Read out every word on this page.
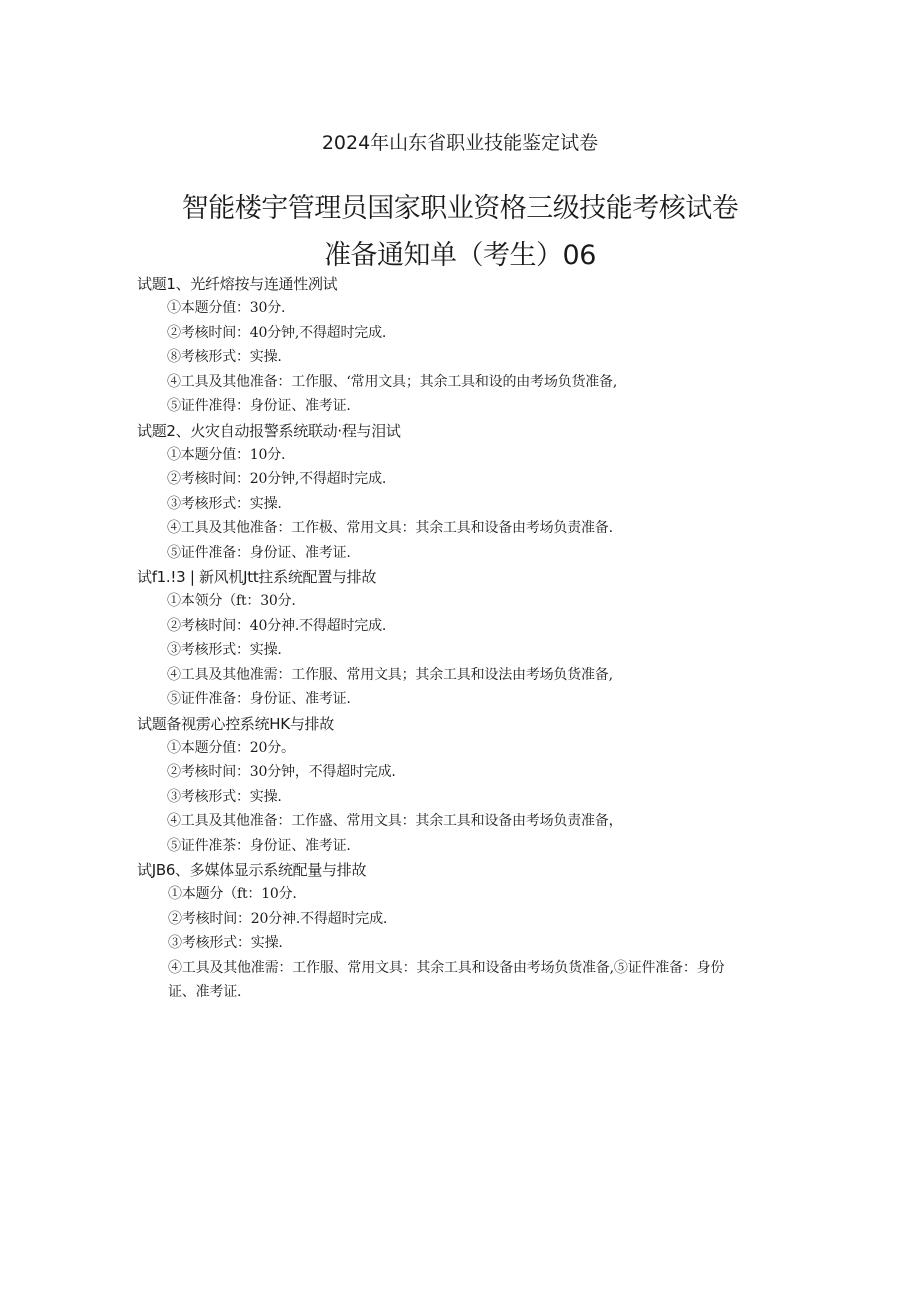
2024年山东省职业技能鉴定试卷
智能楼宇管理员国家职业资格三级技能考核试卷
准备通知单（考生）06
试题1、光纤熔按与连通性冽试
①本题分值：30分.
②考核时间：40分钟,不得超时完成.
⑧考核形式：实操.
④工具及其他准备：工作服、‘常用文具；其余工具和设的由考场负货准备,
⑤证件准得：身份证、准考证.
试题2、火灾自动报警系统联动·程与泪试
①本题分值：10分.
②考核时间：20分钟,不得超时完成.
③考核形式：实操.
④工具及其他准备：工作极、常用文具：其余工具和设备由考场负责准备.
⑤证件准备：身份证、准考证.
试f1.!3 | 新风机Jtt拄系统配置与排故
①本领分（ft：30分.
②考核时间：40分神.不得超时完成.
③考核形式：实操.
④工具及其他准需：工作服、常用文具；其余工具和设法由考场负货准备,
⑤证件准备：身份证、准考证.
试题备视雳心控系统HK与排故
①本题分值：20分。
②考核时间：30分钟，不得超时完成.
③考核形式：实操.
④工具及其他准备：工作盛、常用文具：其余工具和设备由考场负责准备，
⑤证件准茶：身份证、准考证.
试JB6、多媒体显示系统配量与排故
①本题分（ft：10分.
②考核时间：20分神.不得超时完成.
③考核形式：实操.
④工具及其他准需：工作服、常用文具：其余工具和设备由考场负货准备,⑤证件准备：身份证、准考证.
